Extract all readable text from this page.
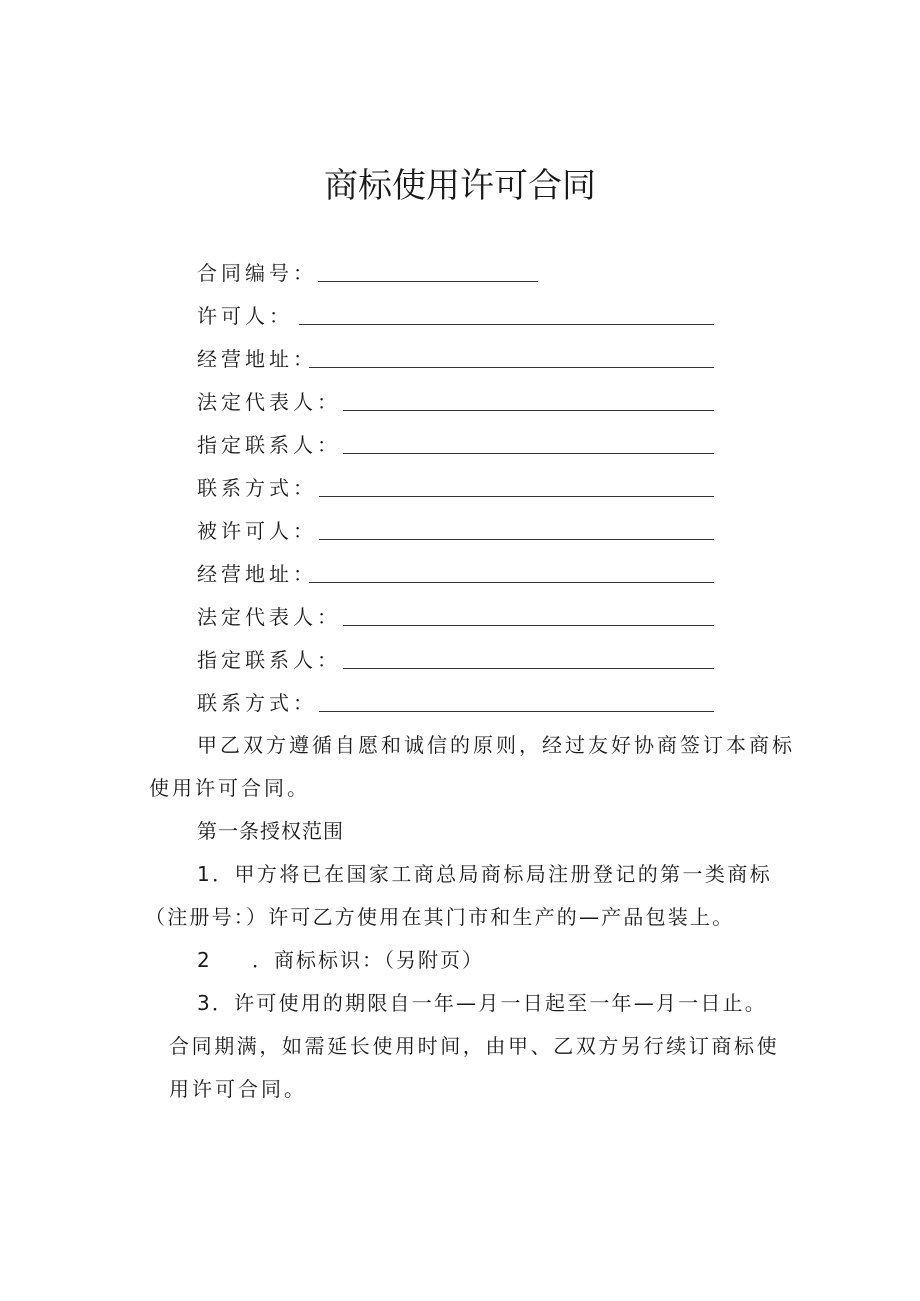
商标使用许可合同
合同编号：
许可人：
经营地址：
法定代表人：
指定联系人：
联系方式：
被许可人：
经营地址：
法定代表人：
指定联系人：
联系方式：

甲乙双方遵循自愿和诚信的原则，经过友好协商签订本商标

使用许可合同。

第一条授权范围

1．甲方将已在国家工商总局商标局注册登记的第一类商标

（注册号：）许可乙方使用在其门市和生产的—产品包装上。

2 ．商标标识：（另附页）

3．许可使用的期限自一年—月一日起至一年—月一日止。

合同期满，如需延长使用时间，由甲、乙双方另行续订商标使

用许可合同。
